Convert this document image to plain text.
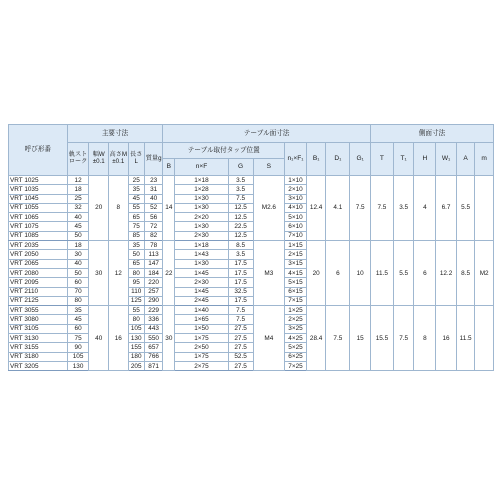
呼び形番	主要寸法					テーブル面寸法								側面寸法					
	軌ストローク	幅W±0.1	高さM±0.1	長さL	質量g	テーブル取付タップ位置				n₁×F₁	B₁	D₁	G₁	T	T₁	H	W₁	A	m
						B	n×F	G	S										
VRT 1025	12	20	8	25	23	14	1×18	3.5	M2.6	1×10	12.4	4.1	7.5	7.5	3.5	4	6.7	5.5	
VRT 1035	18			35	31		1×28	3.5		2×10									
VRT 1045	25			45	40		1×30	7.5		3×10									
VRT 1055	32			55	52		1×30	12.5		4×10									
VRT 1065	40			65	56		2×20	12.5		5×10									
VRT 1075	45			75	72		1×30	22.5		6×10									
VRT 1085	50			85	82		2×30	12.5		7×10									
VRT 2035	18	30	12	35	78	22	1×18	8.5	M3	1×15	20	6	10	11.5	5.5	6	12.2	8.5	M2
VRT 2050	30			50	113		1×43	3.5		2×15									
VRT 2065	40			65	147		1×30	17.5		3×15									
VRT 2080	50			80	184		1×45	17.5		4×15									
VRT 2095	60			95	220		2×30	17.5		5×15									
VRT 2110	70			110	257		1×45	32.5		6×15									
VRT 2125	80			125	290		2×45	17.5		7×15									
VRT 3055	35	40	16	55	229	30	1×40	7.5	M4	1×25	28.4	7.5	15	15.5	7.5	8	16	11.5	
VRT 3080	45			80	336		1×65	7.5		2×25									
VRT 3105	60			105	443		1×50	27.5		3×25									
VRT 3130	75			130	550		1×75	27.5		4×25									
VRT 3155	90			155	657		2×50	27.5		5×25									
VRT 3180	105			180	766		1×75	52.5		6×25									
VRT 3205	130			205	871		2×75	27.5		7×25									
